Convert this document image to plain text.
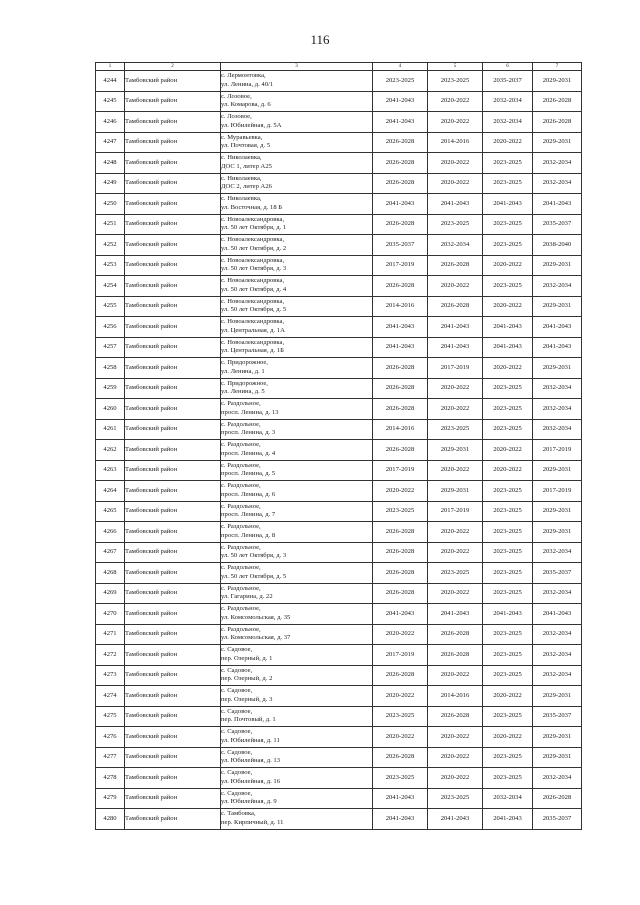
116
1	2	3	4	5	6	7
4244	Тамбовский район	с. Лермонтовка,
ул. Ленина, д. 40/1	2023-2025	2023-2025	2035-2037	2029-2031
4245	Тамбовский район	с. Лозовое,
ул. Комарова, д. 6	2041-2043	2020-2022	2032-2034	2026-2028
4246	Тамбовский район	с. Лозовое,
ул. Юбилейная, д. 5А	2041-2043	2020-2022	2032-2034	2026-2028
4247	Тамбовский район	с. Муравьевка,
ул. Почтовая, д. 5	2026-2028	2014-2016	2020-2022	2029-2031
4248	Тамбовский район	с. Николаевка,
ДОС 1, литер А25	2026-2028	2020-2022	2023-2025	2032-2034
4249	Тамбовский район	с. Николаевка,
ДОС 2, литер А26	2026-2028	2020-2022	2023-2025	2032-2034
4250	Тамбовский район	с. Николаевка,
ул. Восточная, д. 18 Б	2041-2043	2041-2043	2041-2043	2041-2043
4251	Тамбовский район	с. Новоалександровка,
ул. 50 лет Октября, д. 1	2026-2028	2023-2025	2023-2025	2035-2037
4252	Тамбовский район	с. Новоалександровка,
ул. 50 лет Октября, д. 2	2035-2037	2032-2034	2023-2025	2038-2040
4253	Тамбовский район	с. Новоалександровка,
ул. 50 лет Октября, д. 3	2017-2019	2026-2028	2020-2022	2029-2031
4254	Тамбовский район	с. Новоалександровка,
ул. 50 лет Октября, д. 4	2026-2028	2020-2022	2023-2025	2032-2034
4255	Тамбовский район	с. Новоалександровка,
ул. 50 лет Октября, д. 5	2014-2016	2026-2028	2020-2022	2029-2031
4256	Тамбовский район	с. Новоалександровка,
ул. Центральная, д. 1А	2041-2043	2041-2043	2041-2043	2041-2043
4257	Тамбовский район	с. Новоалександровка,
ул. Центральная, д. 1Б	2041-2043	2041-2043	2041-2043	2041-2043
4258	Тамбовский район	с. Придорожное,
ул. Ленина, д. 1	2026-2028	2017-2019	2020-2022	2029-2031
4259	Тамбовский район	с. Придорожное,
ул. Ленина, д. 5	2026-2028	2020-2022	2023-2025	2032-2034
4260	Тамбовский район	с. Раздольное,
просп. Ленина, д. 13	2026-2028	2020-2022	2023-2025	2032-2034
4261	Тамбовский район	с. Раздольное,
просп. Ленина, д. 3	2014-2016	2023-2025	2023-2025	2032-2034
4262	Тамбовский район	с. Раздольное,
просп. Ленина, д. 4	2026-2028	2029-2031	2020-2022	2017-2019
4263	Тамбовский район	с. Раздольное,
просп. Ленина, д. 5	2017-2019	2020-2022	2020-2022	2029-2031
4264	Тамбовский район	с. Раздольное,
просп. Ленина, д. 6	2020-2022	2029-2031	2023-2025	2017-2019
4265	Тамбовский район	с. Раздольное,
просп. Ленина, д. 7	2023-2025	2017-2019	2023-2025	2029-2031
4266	Тамбовский район	с. Раздольное,
просп. Ленина, д. 8	2026-2028	2020-2022	2023-2025	2029-2031
4267	Тамбовский район	с. Раздольное,
ул. 50 лет Октября, д. 3	2026-2028	2020-2022	2023-2025	2032-2034
4268	Тамбовский район	с. Раздольное,
ул. 50 лет Октября, д. 5	2026-2028	2023-2025	2023-2025	2035-2037
4269	Тамбовский район	с. Раздольное,
ул. Гагарина, д. 22	2026-2028	2020-2022	2023-2025	2032-2034
4270	Тамбовский район	с. Раздольное,
ул. Комсомольская, д. 35	2041-2043	2041-2043	2041-2043	2041-2043
4271	Тамбовский район	с. Раздольное,
ул. Комсомольская, д. 37	2020-2022	2026-2028	2023-2025	2032-2034
4272	Тамбовский район	с. Садовое,
пер. Озерный, д. 1	2017-2019	2026-2028	2023-2025	2032-2034
4273	Тамбовский район	с. Садовое,
пер. Озерный, д. 2	2026-2028	2020-2022	2023-2025	2032-2034
4274	Тамбовский район	с. Садовое,
пер. Озерный, д. 3	2020-2022	2014-2016	2020-2022	2029-2031
4275	Тамбовский район	с. Садовое,
пер. Почтовый, д. 1	2023-2025	2026-2028	2023-2025	2035-2037
4276	Тамбовский район	с. Садовое,
ул. Юбилейная, д. 11	2020-2022	2020-2022	2020-2022	2029-2031
4277	Тамбовский район	с. Садовое,
ул. Юбилейная, д. 13	2026-2028	2020-2022	2023-2025	2029-2031
4278	Тамбовский район	с. Садовое,
ул. Юбилейная, д. 16	2023-2025	2020-2022	2023-2025	2032-2034
4279	Тамбовский район	с. Садовое,
ул. Юбилейная, д. 9	2041-2043	2023-2025	2032-2034	2026-2028
4280	Тамбовский район	с. Тамбовка,
пер. Кирпичный, д. 11	2041-2043	2041-2043	2041-2043	2035-2037
